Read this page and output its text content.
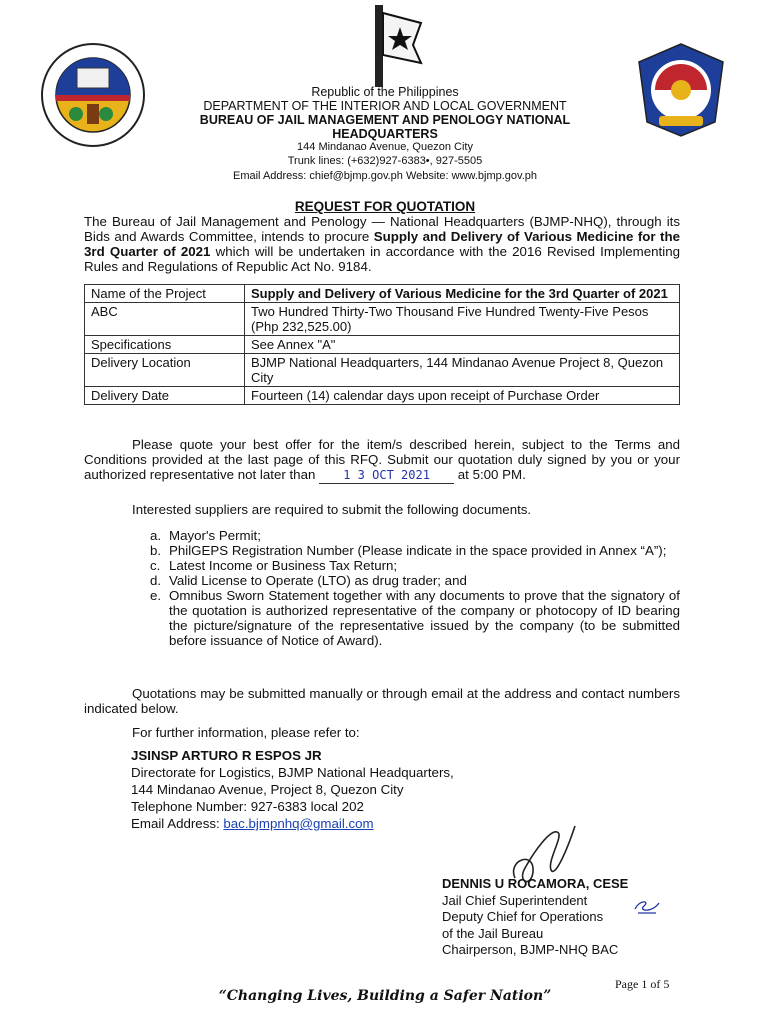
Republic of the Philippines
DEPARTMENT OF THE INTERIOR AND LOCAL GOVERNMENT
BUREAU OF JAIL MANAGEMENT AND PENOLOGY NATIONAL HEADQUARTERS
144 Mindanao Avenue, Quezon City
Trunk lines: (+632)927-6383•, 927-5505
Email Address: chief@bjmp.gov.ph Website: www.bjmp.gov.ph
REQUEST FOR QUOTATION
The Bureau of Jail Management and Penology — National Headquarters (BJMP-NHQ), through its Bids and Awards Committee, intends to procure Supply and Delivery of Various Medicine for the 3rd Quarter of 2021 which will be undertaken in accordance with the 2016 Revised Implementing Rules and Regulations of Republic Act No. 9184.
Name of the Project	Supply and Delivery of Various Medicine for the 3rd Quarter of 2021
ABC	Two Hundred Thirty-Two Thousand Five Hundred Twenty-Five Pesos (Php 232,525.00)
Specifications	See Annex "A"
Delivery Location	BJMP National Headquarters, 144 Mindanao Avenue Project 8, Quezon City
Delivery Date	Fourteen (14) calendar days upon receipt of Purchase Order
Please quote your best offer for the item/s described herein, subject to the Terms and Conditions provided at the last page of this RFQ. Submit our quotation duly signed by you or your authorized representative not later than 1 3 OCT 2021 at 5:00 PM.
Interested suppliers are required to submit the following documents.
a. Mayor's Permit;
b. PhilGEPS Registration Number (Please indicate in the space provided in Annex “A”);
c. Latest Income or Business Tax Return;
d. Valid License to Operate (LTO) as drug trader; and
e. Omnibus Sworn Statement together with any documents to prove that the signatory of the quotation is authorized representative of the company or photocopy of ID bearing the picture/signature of the representative issued by the company (to be submitted before issuance of Notice of Award).
Quotations may be submitted manually or through email at the address and contact numbers indicated below.
For further information, please refer to:
JSINSP ARTURO R ESPOS JR
Directorate for Logistics, BJMP National Headquarters,
144 Mindanao Avenue, Project 8, Quezon City
Telephone Number: 927-6383 local 202
Email Address: bac.bjmpnhq@gmail.com
DENNIS U ROCAMORA, CESE
Jail Chief Superintendent
Deputy Chief for Operations
of the Jail Bureau
Chairperson, BJMP-NHQ BAC
Page 1 of 5
“Changing Lives, Building a Safer Nation”
